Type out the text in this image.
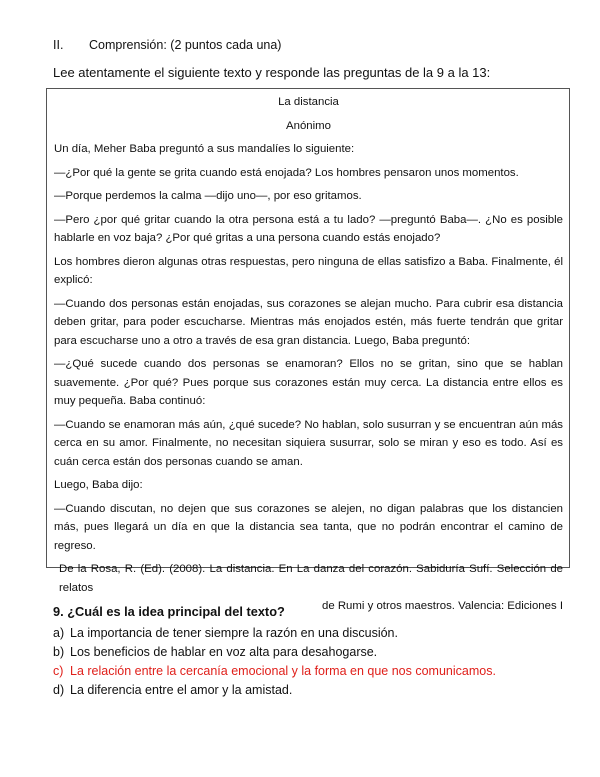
II. Comprensión: (2 puntos cada una)
Lee atentamente el siguiente texto y responde las preguntas de la 9 a la 13:

La distancia

Anónimo

Un día, Meher Baba preguntó a sus mandalíes lo siguiente:

—¿Por qué la gente se grita cuando está enojada? Los hombres pensaron unos momentos.

—Porque perdemos la calma —dijo uno—, por eso gritamos.

—Pero ¿por qué gritar cuando la otra persona está a tu lado? —preguntó Baba—. ¿No es posible hablarle en voz baja? ¿Por qué gritas a una persona cuando estás enojado?

Los hombres dieron algunas otras respuestas, pero ninguna de ellas satisfizo a Baba. Finalmente, él explicó:

—Cuando dos personas están enojadas, sus corazones se alejan mucho. Para cubrir esa distancia deben gritar, para poder escucharse. Mientras más enojados estén, más fuerte tendrán que gritar para escucharse uno a otro a través de esa gran distancia. Luego, Baba preguntó:

—¿Qué sucede cuando dos personas se enamoran? Ellos no se gritan, sino que se hablan suavemente. ¿Por qué? Pues porque sus corazones están muy cerca. La distancia entre ellos es muy pequeña. Baba continuó:

—Cuando se enamoran más aún, ¿qué sucede? No hablan, solo susurran y se encuentran aún más cerca en su amor. Finalmente, no necesitan siquiera susurrar, solo se miran y eso es todo. Así es cuán cerca están dos personas cuando se aman.

Luego, Baba dijo:

—Cuando discutan, no dejen que sus corazones se alejen, no digan palabras que los distancien más, pues llegará un día en que la distancia sea tanta, que no podrán encontrar el camino de regreso.

De la Rosa, R. (Ed). (2008). La distancia. En La danza del corazón. Sabiduría Sufí. Selección de relatos

de Rumi y otros maestros. Valencia: Ediciones I

9. ¿Cuál es la idea principal del texto?
a) La importancia de tener siempre la razón en una discusión.
b) Los beneficios de hablar en voz alta para desahogarse.
c) La relación entre la cercanía emocional y la forma en que nos comunicamos.
d) La diferencia entre el amor y la amistad.
